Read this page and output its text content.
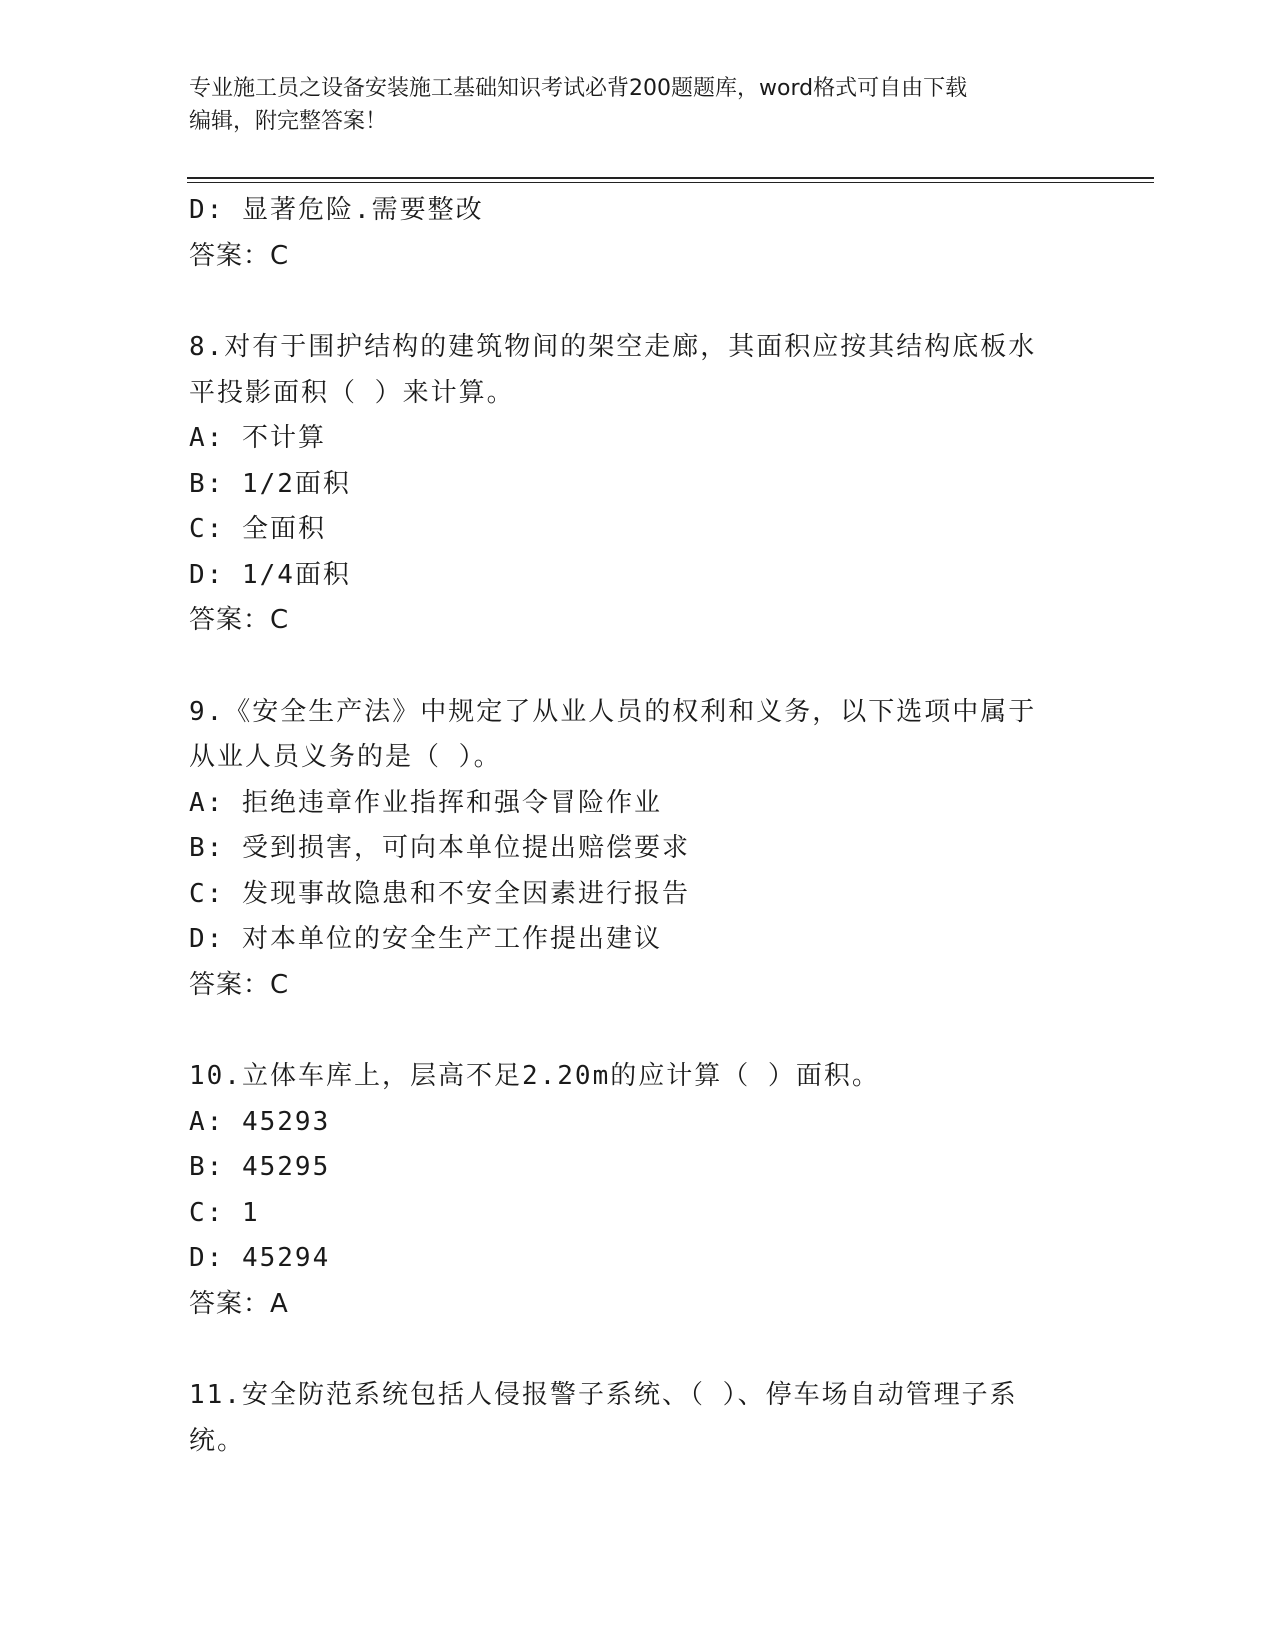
专业施工员之设备安装施工基础知识考试必背200题题库，word格式可自由下载
编辑，附完整答案！
D: 显著危险.需要整改
答案：C
8.对有于围护结构的建筑物间的架空走廊，其面积应按其结构底板水
平投影面积（ ）来计算。
A: 不计算
B: 1/2面积
C: 全面积
D: 1/4面积
答案：C
9.《安全生产法》中规定了从业人员的权利和义务，以下选项中属于
从业人员义务的是（ ）。
A: 拒绝违章作业指挥和强令冒险作业
B: 受到损害，可向本单位提出赔偿要求
C: 发现事故隐患和不安全因素进行报告
D: 对本单位的安全生产工作提出建议
答案：C
10.立体车库上，层高不足2.20m的应计算（ ）面积。
A: 45293
B: 45295
C: 1
D: 45294
答案：A
11.安全防范系统包括人侵报警子系统、（ ）、停车场自动管理子系
统。
